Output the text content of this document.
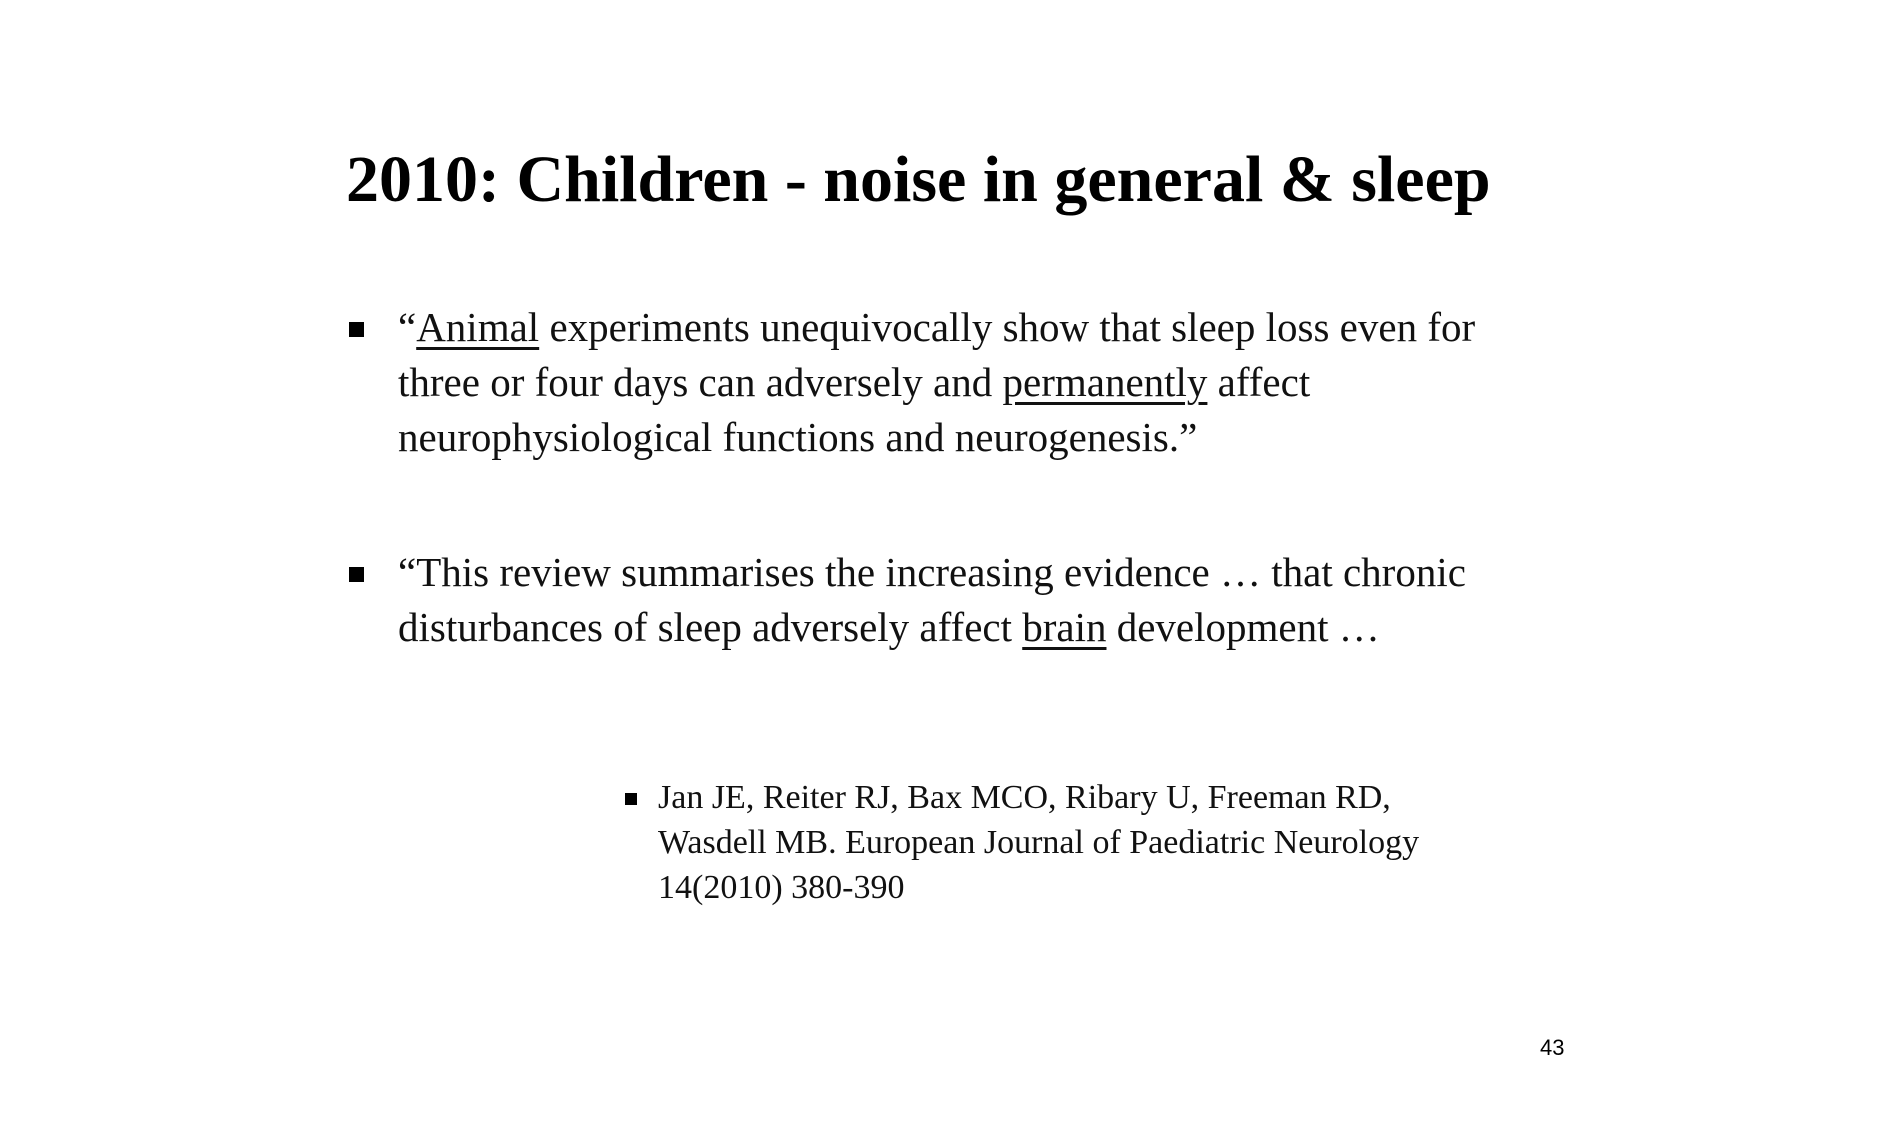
2010: Children - noise in general & sleep
“Animal experiments unequivocally show that sleep loss even for
three or four days can adversely and permanently affect
neurophysiological functions and neurogenesis.”
“This review summarises the increasing evidence … that chronic
disturbances of sleep adversely affect brain development …
Jan JE, Reiter RJ, Bax MCO, Ribary U, Freeman RD,
Wasdell MB. European Journal of Paediatric Neurology
14(2010) 380-390
43
